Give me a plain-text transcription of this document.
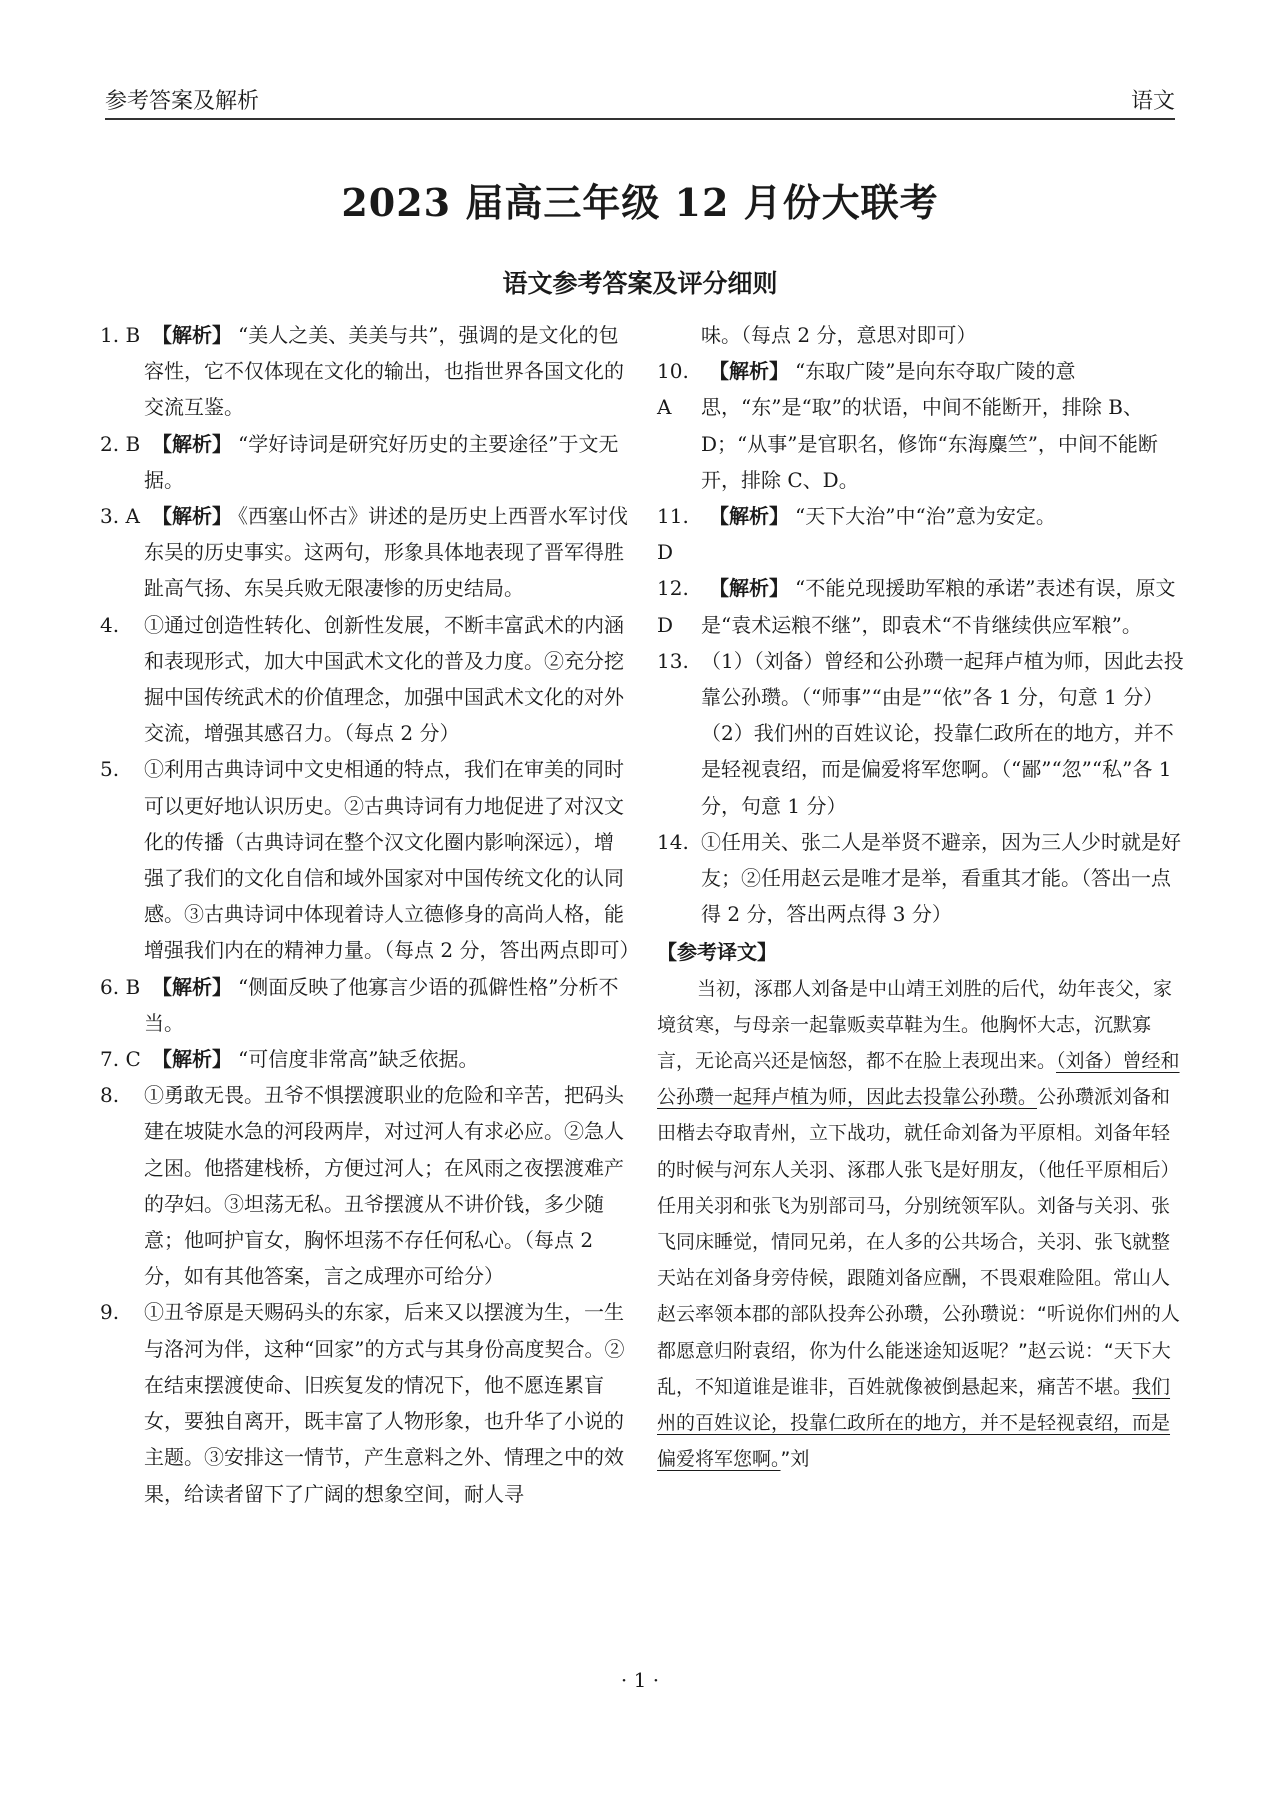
参考答案及解析	语文
2023 届高三年级 12 月份大联考
语文参考答案及评分细则
1. B 【解析】 “美人之美、美美与共”，强调的是文化的包容性，它不仅体现在文化的输出，也指世界各国文化的交流互鉴。
2. B 【解析】 “学好诗词是研究好历史的主要途径”于文无据。
3. A 【解析】 《西塞山怀古》讲述的是历史上西晋水军讨伐东吴的历史事实。这两句，形象具体地表现了晋军得胜趾高气扬、东吴兵败无限凄惨的历史结局。
4. ①通过创造性转化、创新性发展，不断丰富武术的内涵和表现形式，加大中国武术文化的普及力度。②充分挖掘中国传统武术的价值理念，加强中国武术文化的对外交流，增强其感召力。（每点 2 分）
5. ①利用古典诗词中文史相通的特点，我们在审美的同时可以更好地认识历史。②古典诗词有力地促进了对汉文化的传播（古典诗词在整个汉文化圈内影响深远），增强了我们的文化自信和域外国家对中国传统文化的认同感。③古典诗词中体现着诗人立德修身的高尚人格，能增强我们内在的精神力量。（每点 2 分，答出两点即可）
6. B 【解析】 “侧面反映了他寡言少语的孤僻性格”分析不当。
7. C 【解析】 “可信度非常高”缺乏依据。
8. ①勇敢无畏。丑爷不惧摆渡职业的危险和辛苦，把码头建在坡陡水急的河段两岸，对过河人有求必应。②急人之困。他搭建栈桥，方便过河人；在风雨之夜摆渡难产的孕妇。③坦荡无私。丑爷摆渡从不讲价钱，多少随意；他呵护盲女，胸怀坦荡不存任何私心。（每点 2 分，如有其他答案，言之成理亦可给分）
9. ①丑爷原是天赐码头的东家，后来又以摆渡为生，一生与洛河为伴，这种“回家”的方式与其身份高度契合。②在结束摆渡使命、旧疾复发的情况下，他不愿连累盲女，要独自离开，既丰富了人物形象，也升华了小说的主题。③安排这一情节，产生意料之外、情理之中的效果，给读者留下了广阔的想象空间，耐人寻
味。（每点 2 分，意思对即可）
10. A【解析】 “东取广陵”是向东夺取广陵的意思，“东”是“取”的状语，中间不能断开，排除 B、D；“从事”是官职名，修饰“东海麋竺”，中间不能断开，排除 C、D。
11. D【解析】 “天下大治”中“治”意为安定。
12. D【解析】 “不能兑现援助军粮的承诺”表述有误，原文是“袁术运粮不继”，即袁术“不肯继续供应军粮”。
13. （1）（刘备）曾经和公孙瓒一起拜卢植为师，因此去投靠公孙瓒。（“师事”“由是”“依”各 1 分，句意 1 分）
（2）我们州的百姓议论，投靠仁政所在的地方，并不是轻视袁绍，而是偏爱将军您啊。（“鄙”“忽”“私”各 1 分，句意 1 分）
14. ①任用关、张二人是举贤不避亲，因为三人少时就是好友；②任用赵云是唯才是举，看重其才能。（答出一点得 2 分，答出两点得 3 分）
【参考译文】
当初，涿郡人刘备是中山靖王刘胜的后代，幼年丧父，家境贫寒，与母亲一起靠贩卖草鞋为生。他胸怀大志，沉默寡言，无论高兴还是恼怒，都不在脸上表现出来。（刘备）曾经和公孙瓒一起拜卢植为师，因此去投靠公孙瓒。公孙瓒派刘备和田楷去夺取青州，立下战功，就任命刘备为平原相。刘备年轻的时候与河东人关羽、涿郡人张飞是好朋友，（他任平原相后）任用关羽和张飞为别部司马，分别统领军队。刘备与关羽、张飞同床睡觉，情同兄弟，在人多的公共场合，关羽、张飞就整天站在刘备身旁侍候，跟随刘备应酬，不畏艰难险阻。常山人赵云率领本郡的部队投奔公孙瓒，公孙瓒说：“听说你们州的人都愿意归附袁绍，你为什么能迷途知返呢？”赵云说：“天下大乱，不知道谁是谁非，百姓就像被倒悬起来，痛苦不堪。我们州的百姓议论，投靠仁政所在的地方，并不是轻视袁绍，而是偏爱将军您啊。”刘
· 1 ·
